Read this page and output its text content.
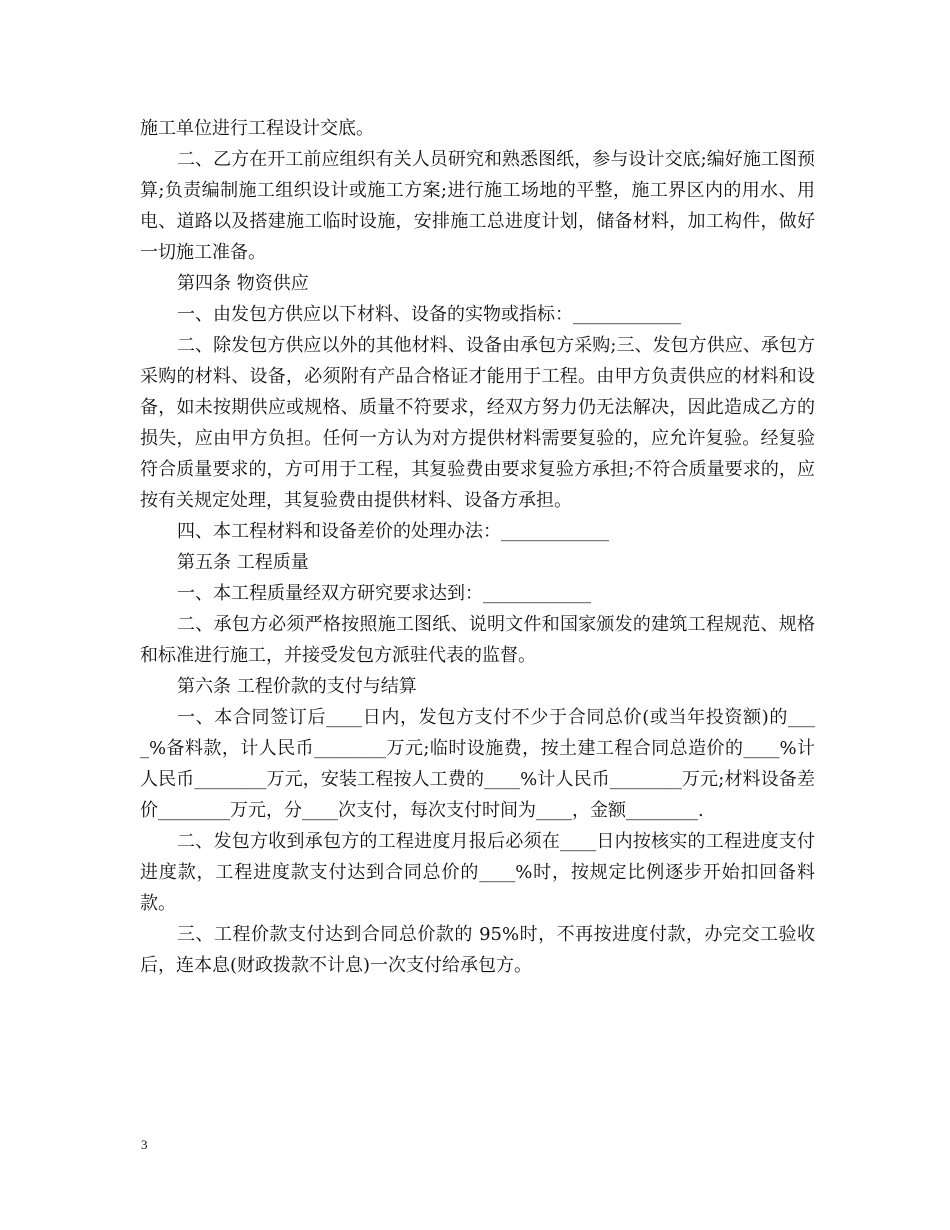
施工单位进行工程设计交底。

二、乙方在开工前应组织有关人员研究和熟悉图纸，参与设计交底;编好施工图预算;负责编制施工组织设计或施工方案;进行施工场地的平整，施工界区内的用水、用电、道路以及搭建施工临时设施，安排施工总进度计划，储备材料，加工构件，做好一切施工准备。

第四条 物资供应

一、由发包方供应以下材料、设备的实物或指标：____________

二、除发包方供应以外的其他材料、设备由承包方采购;三、发包方供应、承包方采购的材料、设备，必须附有产品合格证才能用于工程。由甲方负责供应的材料和设备，如未按期供应或规格、质量不符要求，经双方努力仍无法解决，因此造成乙方的损失，应由甲方负担。任何一方认为对方提供材料需要复验的，应允许复验。经复验符合质量要求的，方可用于工程，其复验费由要求复验方承担;不符合质量要求的，应按有关规定处理，其复验费由提供材料、设备方承担。

四、本工程材料和设备差价的处理办法：____________

第五条 工程质量

一、本工程质量经双方研究要求达到：____________

二、承包方必须严格按照施工图纸、说明文件和国家颁发的建筑工程规范、规格和标准进行施工，并接受发包方派驻代表的监督。

第六条 工程价款的支付与结算

一、本合同签订后____日内，发包方支付不少于合同总价(或当年投资额)的____%备料款，计人民币________万元;临时设施费，按土建工程合同总造价的____%计人民币________万元，安装工程按人工费的____%计人民币________万元;材料设备差价________万元，分____次支付，每次支付时间为____，金额________.

二、发包方收到承包方的工程进度月报后必须在____日内按核实的工程进度支付进度款，工程进度款支付达到合同总价的____%时，按规定比例逐步开始扣回备料款。

三、工程价款支付达到合同总价款的 95%时，不再按进度付款，办完交工验收后，连本息(财政拨款不计息)一次支付给承包方。

3
